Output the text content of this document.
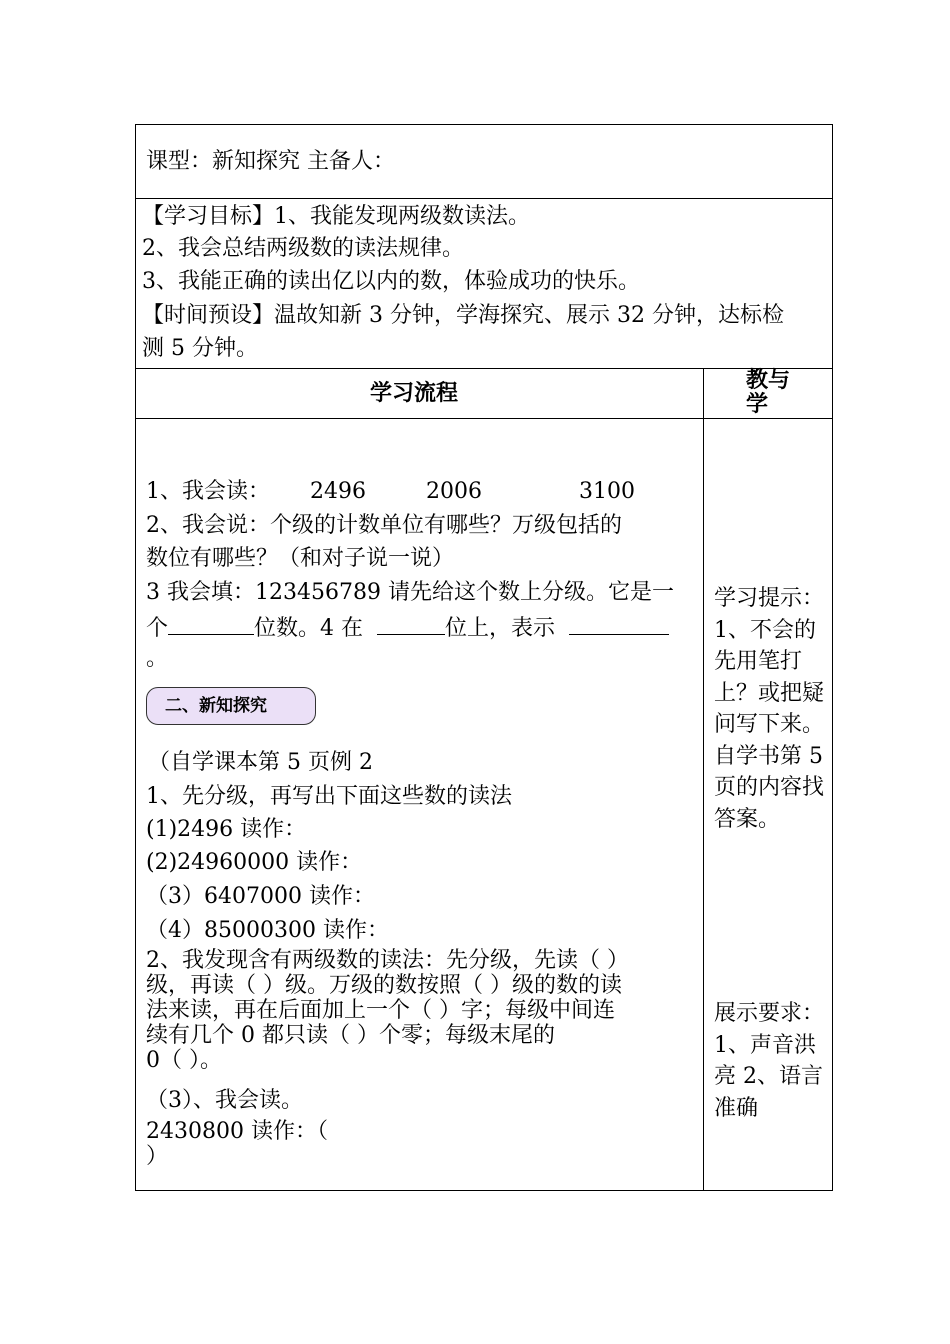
课型：新知探究 主备人：
【学习目标】1、我能发现两级数读法。
2、我会总结两级数的读法规律。
3、我能正确的读出亿以内的数，体验成功的快乐。
【时间预设】温故知新 3 分钟，学海探究、展示 32 分钟，达标检
测 5 分钟。
学习流程
教与
学
1、我会读： 2496	2006	3100
2、我会说：个级的计数单位有哪些？万级包括的
数位有哪些？（和对子说一说）
3 我会填：123456789 请先给这个数上分级。它是一
个	位数。4 在	位上，表示
。
二、新知探究
（自学课本第 5 页例 2
1、先分级，再写出下面这些数的读法
(1)2496 读作：
(2)24960000 读作：
（3）6407000 读作：
（4）85000300 读作：
2、我发现含有两级数的读法：先分级，先读（ ）
级，再读（ ）级。万级的数按照（ ）级的数的读
法来读，再在后面加上一个（ ）字；每级中间连
续有几个 0 都只读（ ）个零；每级末尾的
0（ ）。
（3）、我会读。
2430800 读作：（
）
学习提示：1、不会的先用笔打上？或把疑问写下来。自学书第 5 页的内容找答案。
展示要求：1、声音洪亮 2、语言准确
